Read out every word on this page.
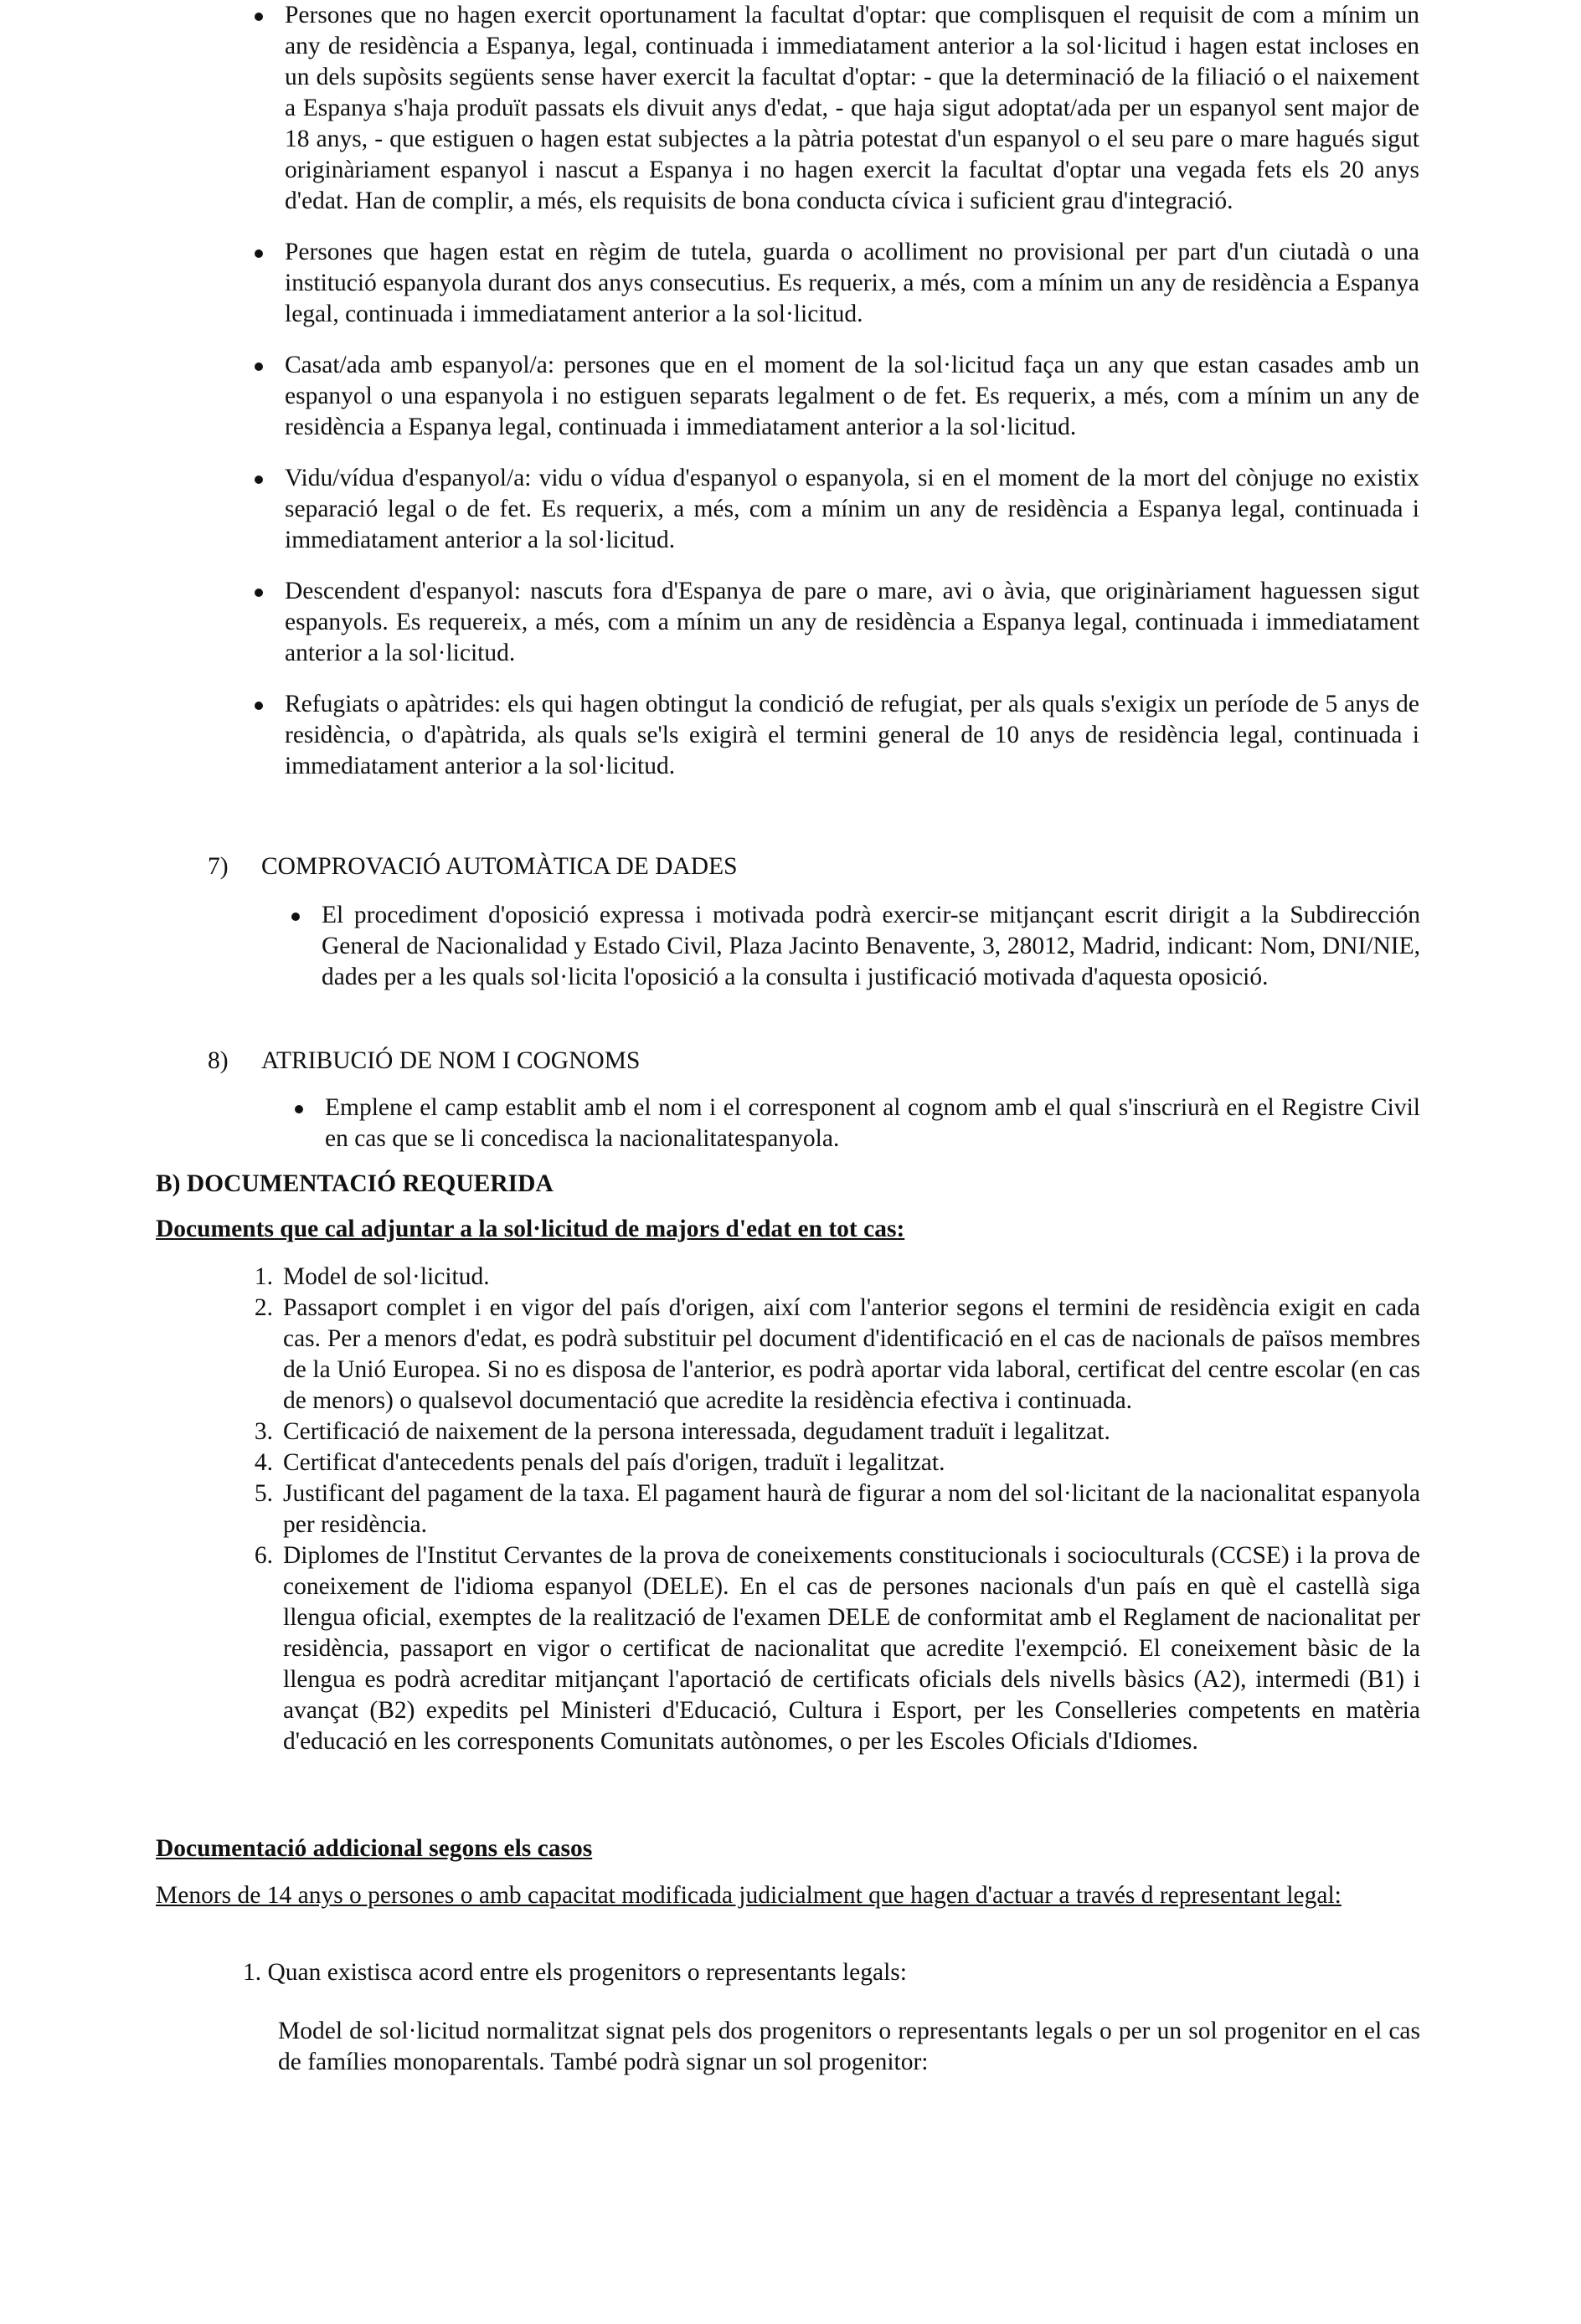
Persones que no hagen exercit oportunament la facultat d'optar: que complisquen el requisit de com a mínim un any de residència a Espanya, legal, continuada i immediatament anterior a la sol·licitud i hagen estat incloses en un dels supòsits següents sense haver exercit la facultat d'optar: - que la determinació de la filiació o el naixement a Espanya s'haja produït passats els divuit anys d'edat, - que haja sigut adoptat/ada per un espanyol sent major de 18 anys, - que estiguen o hagen estat subjectes a la pàtria potestat d'un espanyol o el seu pare o mare hagués sigut originàriament espanyol i nascut a Espanya i no hagen exercit la facultat d'optar una vegada fets els 20 anys d'edat. Han de complir, a més, els requisits de bona conducta cívica i suficient grau d'integració.
Persones que hagen estat en règim de tutela, guarda o acolliment no provisional per part d'un ciutadà o una institució espanyola durant dos anys consecutius. Es requerix, a més, com a mínim un any de residència a Espanya legal, continuada i immediatament anterior a la sol·licitud.
Casat/ada amb espanyol/a: persones que en el moment de la sol·licitud faça un any que estan casades amb un espanyol o una espanyola i no estiguen separats legalment o de fet. Es requerix, a més, com a mínim un any de residència a Espanya legal, continuada i immediatament anterior a la sol·licitud.
Vidu/vídua d'espanyol/a: vidu o vídua d'espanyol o espanyola, si en el moment de la mort del cònjuge no existix separació legal o de fet. Es requerix, a més, com a mínim un any de residència a Espanya legal, continuada i immediatament anterior a la sol·licitud.
Descendent d'espanyol: nascuts fora d'Espanya de pare o mare, avi o àvia, que originàriament haguessen sigut espanyols. Es requereix, a més, com a mínim un any de residència a Espanya legal, continuada i immediatament anterior a la sol·licitud.
Refugiats o apàtrides: els qui hagen obtingut la condició de refugiat, per als quals s'exigix un període de 5 anys de residència, o d'apàtrida, als quals se'ls exigirà el termini general de 10 anys de residència legal, continuada i immediatament anterior a la sol·licitud.
7) COMPROVACIÓ AUTOMÀTICA DE DADES
El procediment d'oposició expressa i motivada podrà exercir-se mitjançant escrit dirigit a la Subdirección General de Nacionalidad y Estado Civil, Plaza Jacinto Benavente, 3, 28012, Madrid, indicant: Nom, DNI/NIE, dades per a les quals sol·licita l'oposició a la consulta i justificació motivada d'aquesta oposició.
8) ATRIBUCIÓ DE NOM I COGNOMS
Emplene el camp establit amb el nom i el corresponent al cognom amb el qual s'inscriurà en el Registre Civil en cas que se li concedisca la nacionalitatespanyola.

B) DOCUMENTACIÓ REQUERIDA

Documents que cal adjuntar a la sol·licitud de majors d'edat en tot cas:

1. Model de sol·licitud.
2. Passaport complet i en vigor del país d'origen, així com l'anterior segons el termini de residència exigit en cada cas. Per a menors d'edat, es podrà substituir pel document d'identificació en el cas de nacionals de països membres de la Unió Europea. Si no es disposa de l'anterior, es podrà aportar vida laboral, certificat del centre escolar (en cas de menors) o qualsevol documentació que acredite la residència efectiva i continuada.
3. Certificació de naixement de la persona interessada, degudament traduït i legalitzat.
4. Certificat d'antecedents penals del país d'origen, traduït i legalitzat.
5. Justificant del pagament de la taxa. El pagament haurà de figurar a nom del sol·licitant de la nacionalitat espanyola per residència.
6. Diplomes de l'Institut Cervantes de la prova de coneixements constitucionals i socioculturals (CCSE) i la prova de coneixement de l'idioma espanyol (DELE). En el cas de persones nacionals d'un país en què el castellà siga llengua oficial, exemptes de la realització de l'examen DELE de conformitat amb el Reglament de nacionalitat per residència, passaport en vigor o certificat de nacionalitat que acredite l'exempció. El coneixement bàsic de la llengua es podrà acreditar mitjançant l'aportació de certificats oficials dels nivells bàsics (A2), intermedi (B1) i avançat (B2) expedits pel Ministeri d'Educació, Cultura i Esport, per les Conselleries competents en matèria d'educació en les corresponents Comunitats autònomes, o per les Escoles Oficials d'Idiomes.

Documentació addicional segons els casos

Menors de 14 anys o persones o amb capacitat modificada judicialment que hagen d'actuar a través d representant legal:

1. Quan existisca acord entre els progenitors o representants legals:

Model de sol·licitud normalitzat signat pels dos progenitors o representants legals o per un sol progenitor en el cas de famílies monoparentals. També podrà signar un sol progenitor:
